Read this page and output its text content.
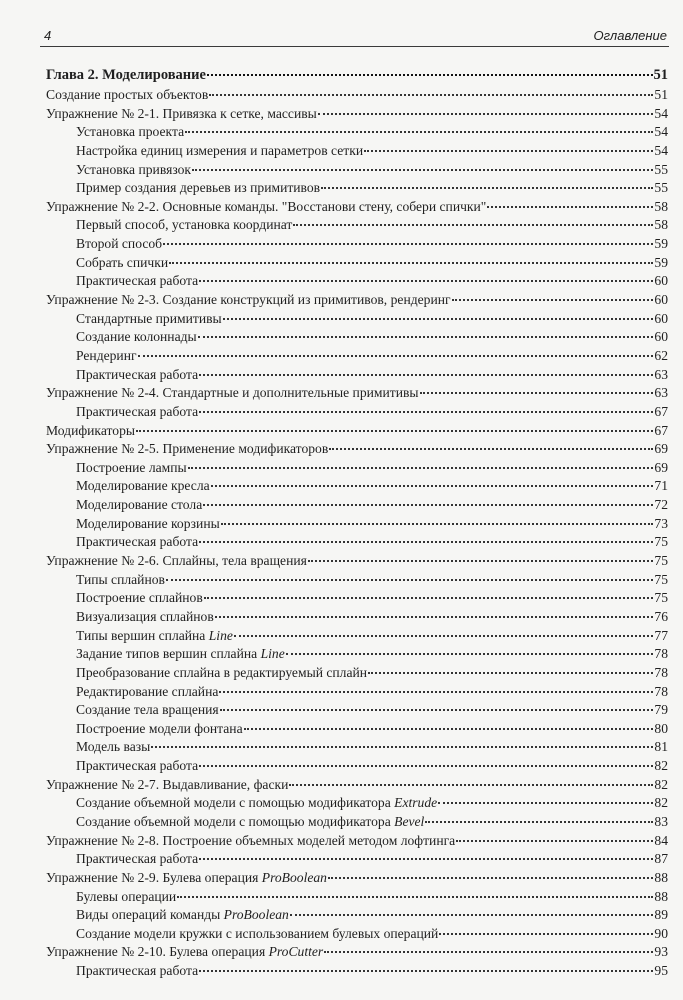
4	Оглавление
Глава 2. Моделирование	51
Создание простых объектов	51
Упражнение № 2-1. Привязка к сетке, массивы	54
Установка проекта	54
Настройка единиц измерения и параметров сетки	54
Установка привязок	55
Пример создания деревьев из примитивов	55
Упражнение № 2-2. Основные команды. "Восстанови стену, собери спички"	58
Первый способ, установка координат	58
Второй способ	59
Собрать спички	59
Практическая работа	60
Упражнение № 2-3. Создание конструкций из примитивов, рендеринг	60
Стандартные примитивы	60
Создание колоннады	60
Рендеринг	62
Практическая работа	63
Упражнение № 2-4. Стандартные и дополнительные примитивы	63
Практическая работа	67
Модификаторы	67
Упражнение № 2-5. Применение модификаторов	69
Построение лампы	69
Моделирование кресла	71
Моделирование стола	72
Моделирование корзины	73
Практическая работа	75
Упражнение № 2-6. Сплайны, тела вращения	75
Типы сплайнов	75
Построение сплайнов	75
Визуализация сплайнов	76
Типы вершин сплайна Line	77
Задание типов вершин сплайна Line	78
Преобразование сплайна в редактируемый сплайн	78
Редактирование сплайна	78
Создание тела вращения	79
Построение модели фонтана	80
Модель вазы	81
Практическая работа	82
Упражнение № 2-7. Выдавливание, фаски	82
Создание объемной модели с помощью модификатора Extrude	82
Создание объемной модели с помощью модификатора Bevel	83
Упражнение № 2-8. Построение объемных моделей методом лофтинга	84
Практическая работа	87
Упражнение № 2-9. Булева операция ProBoolean	88
Булевы операции	88
Виды операций команды ProBoolean	89
Создание модели кружки с использованием булевых операций	90
Упражнение № 2-10. Булева операция ProCutter	93
Практическая работа	95
